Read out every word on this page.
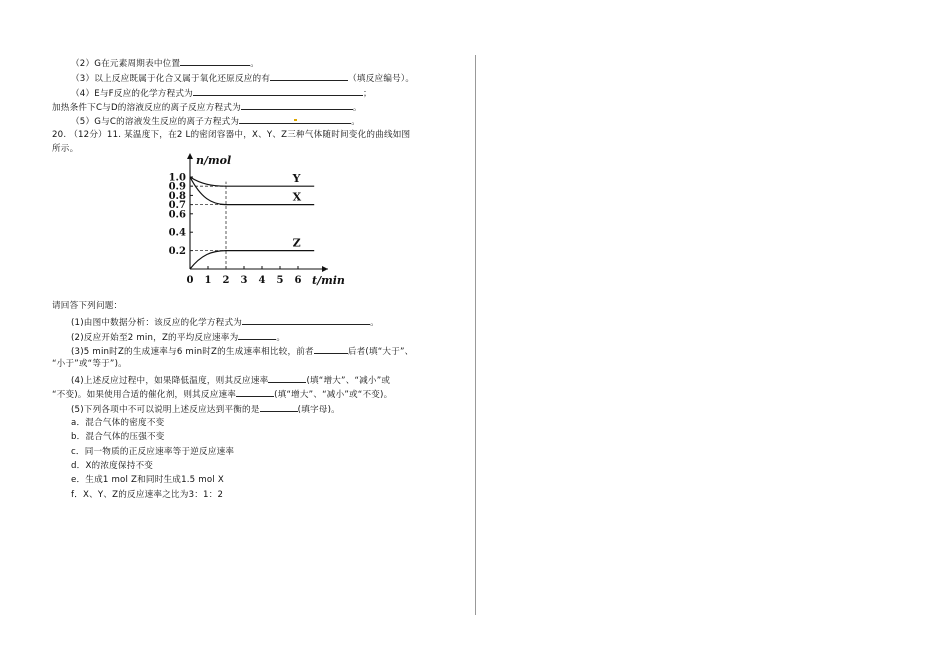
（2）G在元素周期表中位置	。
（3）以上反应既属于化合又属于氧化还原反应的有	（填反应编号）。
（4）E与F反应的化学方程式为	；
加热条件下C与D的溶液反应的离子反应方程式为	。
（5）G与C的溶液发生反应的离子方程式为	。
20. （12分）11. 某温度下，在2 L的密闭容器中，X、Y、Z三种气体随时间变化的曲线如图
所示。
n/mol
t/min
0 1 2 3 4 5 6
1.0
0.9
0.8
0.7
0.6
0.4
0.2
Y
X
Z
请回答下列问题：
(1)由图中数据分析：该反应的化学方程式为	。
(2)反应开始至2 min，Z的平均反应速率为	。
(3)5 min时Z的生成速率与6 min时Z的生成速率相比较，前者	后者(填“大于”、
“小于”或“等于”)。
(4)上述反应过程中，如果降低温度，则其反应速率	(填“增大”、“减小”或
“不变)。如果使用合适的催化剂，则其反应速率	(填“增大”、“减小”或“不变)。
(5)下列各项中不可以说明上述反应达到平衡的是	(填字母)。
a．混合气体的密度不变
b．混合气体的压强不变
c．同一物质的正反应速率等于逆反应速率
d．X的浓度保持不变
e．生成1 mol Z和同时生成1.5 mol X
f．X、Y、Z的反应速率之比为3：1：2
